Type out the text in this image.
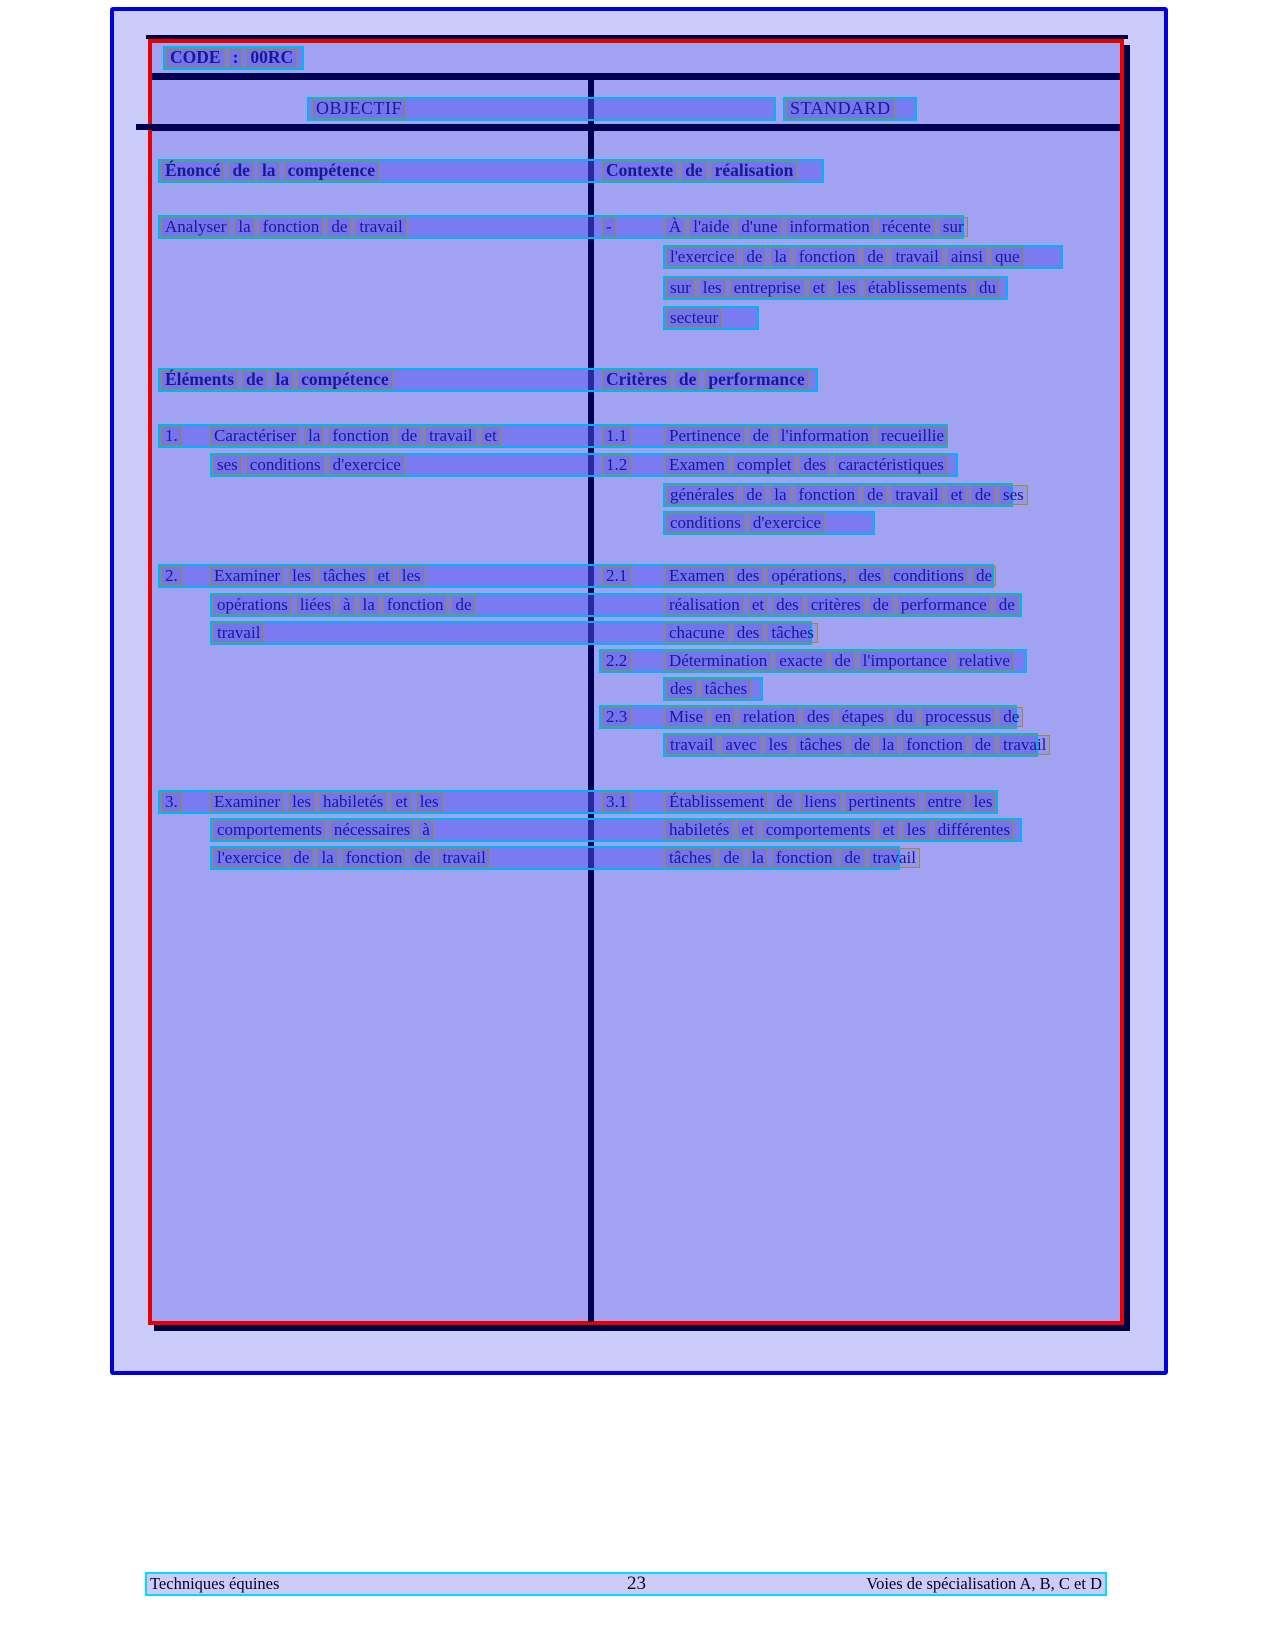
CODE : 00RC
OBJECTIF	STANDARD
Énoncé de la compétence	Contexte de réalisation
Analyser la fonction de travail	-	À l'aide d'une information récente sur
l'exercice de la fonction de travail ainsi que
sur les entreprise et les établissements du
secteur
Éléments de la compétence	Critères de performance
1.	Caractériser la fonction de travail et	1.1	Pertinence de l'information recueillie
ses conditions d'exercice	1.2	Examen complet des caractéristiques
générales de la fonction de travail et de ses
conditions d'exercice
2.	Examiner les tâches et les	2.1	Examen des opérations, des conditions de
opérations liées à la fonction de	réalisation et des critères de performance de
travail	chacune des tâches
2.2	Détermination exacte de l'importance relative
des tâches
2.3	Mise en relation des étapes du processus de
travail avec les tâches de la fonction de travail
3.	Examiner les habiletés et les	3.1	Établissement de liens pertinents entre les
comportements nécessaires à	habiletés et comportements et les différentes
l'exercice de la fonction de travail	tâches de la fonction de travail
Techniques équines	23	Voies de spécialisation A, B, C et D
